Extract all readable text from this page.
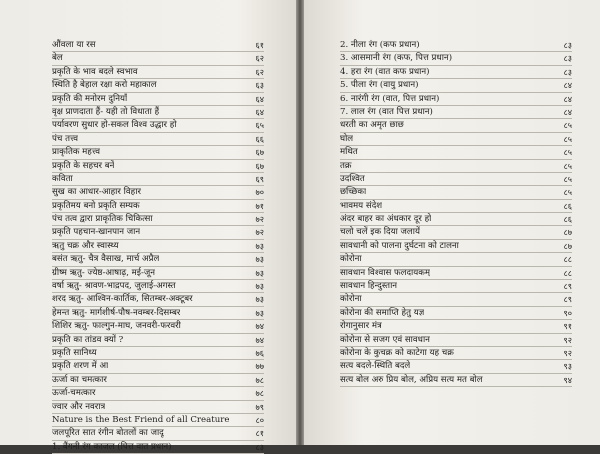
औंवला या रस	६१
बेल	६२
प्रकृति के भाव बदले स्वभाव	६२
स्थिति है बेहाल रक्षा करो महाकाल	६३
प्रकृति की मनोरम दुनियाँ	६४
वृक्ष प्राणदाता हैं- यही तो विधाता हैं	६४
पर्यावरण सुधार हो-सकल विश्व उद्धार हो	६५
पंच तत्त्व	६६
प्राकृतिक महत्त्व	६७
प्रकृति के सहचर बनें	६७
कविता	६९
सुख का आधार-आहार विहार	७०
प्रकृतिमय बनो प्रकृति सम्यक	७१
पंच तत्व द्वारा प्राकृतिक चिकित्सा	७२
प्रकृति पहचान-खानपान जान	७२
ऋतु चक्र और स्वास्थ्य	७३
बसंत ऋतु- चैत्र वैसाख, मार्च अप्रैल	७३
ग्रीष्म ऋतु- ज्येष्ठ-आषाढ़, मई-जून	७३
वर्षा ऋतु- श्रावण-भाद्रपद, जुलाई-अगस्त	७३
शरद ऋतु- आश्विन-कार्तिक, सितम्बर-अक्टूबर	७३
हेमन्त ऋतु- मार्गशीर्ष-पौष-नवम्बर-दिसम्बर	७३
शिशिर ऋतु- फाल्गुन-माघ, जनवरी-फरवरी	७४
प्रकृति का तांडव क्यों ?	७४
प्रकृति सानिध्य	७६
प्रकृति शरण में आ	७७
ऊर्जा का चमत्कार	७८
ऊर्जा-चमत्कार	७८
ज्वार और नवरात्र	७९
Nature is the Best Friend of all Creature	८०
जलपूरित सात रंगीन बोतलों का जादू	८१
1. बैंगनी रंग काजल (पित्त वात प्रधान)	८३
2. नीला रंग (कफ प्रधान)	८३
3. आसमानी रंग (कफ, पित्त प्रधान)	८३
4. हरा रंग (वात कफ प्रधान)	८३
5. पीला रंग (वायु प्रधान)	८४
6. नारंगी रंग (वात, पित्त प्रधान)	८४
7. लाल रंग (वात पित्त प्रधान)	८४
धरती का अमृत छाछ	८५
घोल	८५
मथित	८५
तक्र	८५
उदश्वित	८५
छच्छिका	८५
भावमय संदेश	८६
अंदर बाहर का अंधकार दूर हो	८६
चलो चलें इक दिया जलायें	८७
सावधानी को पालना दुर्घटना को टालना	८७
कोरोना	८८
सावधान विश्वास फलदायकम्	८८
सावधान हिन्दुस्तान	८९
कोरोना	८९
कोरोना की समाप्ति हेतु यज्ञ	९०
रोगानुसार मंत्र	९१
कोरोना से सजग एवं सावधान	९२
कोरोना के कुचक्र को काटेगा यह चक्र	९२
सत्य बदले-स्थिति बदले	९३
सत्य बोल अरु प्रिय बोल, अप्रिय सत्य मत बोल	९४
